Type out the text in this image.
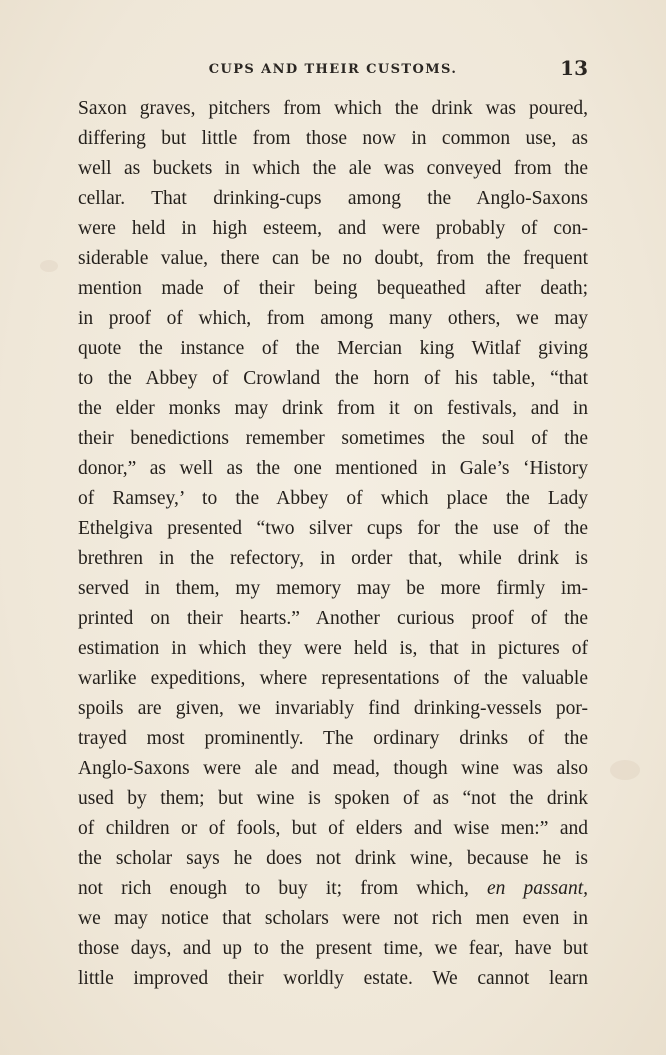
CUPS AND THEIR CUSTOMS.	13
Saxon graves, pitchers from which the drink was poured,
differing but little from those now in common use, as
well as buckets in which the ale was conveyed from the
cellar. That drinking-cups among the Anglo-Saxons
were held in high esteem, and were probably of con-
siderable value, there can be no doubt, from the frequent
mention made of their being bequeathed after death;
in proof of which, from among many others, we may
quote the instance of the Mercian king Witlaf giving
to the Abbey of Crowland the horn of his table, “that
the elder monks may drink from it on festivals, and in
their benedictions remember sometimes the soul of the
donor,” as well as the one mentioned in Gale’s ‘History
of Ramsey,’ to the Abbey of which place the Lady
Ethelgiva presented “two silver cups for the use of the
brethren in the refectory, in order that, while drink is
served in them, my memory may be more firmly im-
printed on their hearts.” Another curious proof of the
estimation in which they were held is, that in pictures of
warlike expeditions, where representations of the valuable
spoils are given, we invariably find drinking-vessels por-
trayed most prominently. The ordinary drinks of the
Anglo-Saxons were ale and mead, though wine was also
used by them; but wine is spoken of as “not the drink
of children or of fools, but of elders and wise men:” and
the scholar says he does not drink wine, because he is
not rich enough to buy it; from which, en passant,
we may notice that scholars were not rich men even in
those days, and up to the present time, we fear, have but
little improved their worldly estate. We cannot learn
